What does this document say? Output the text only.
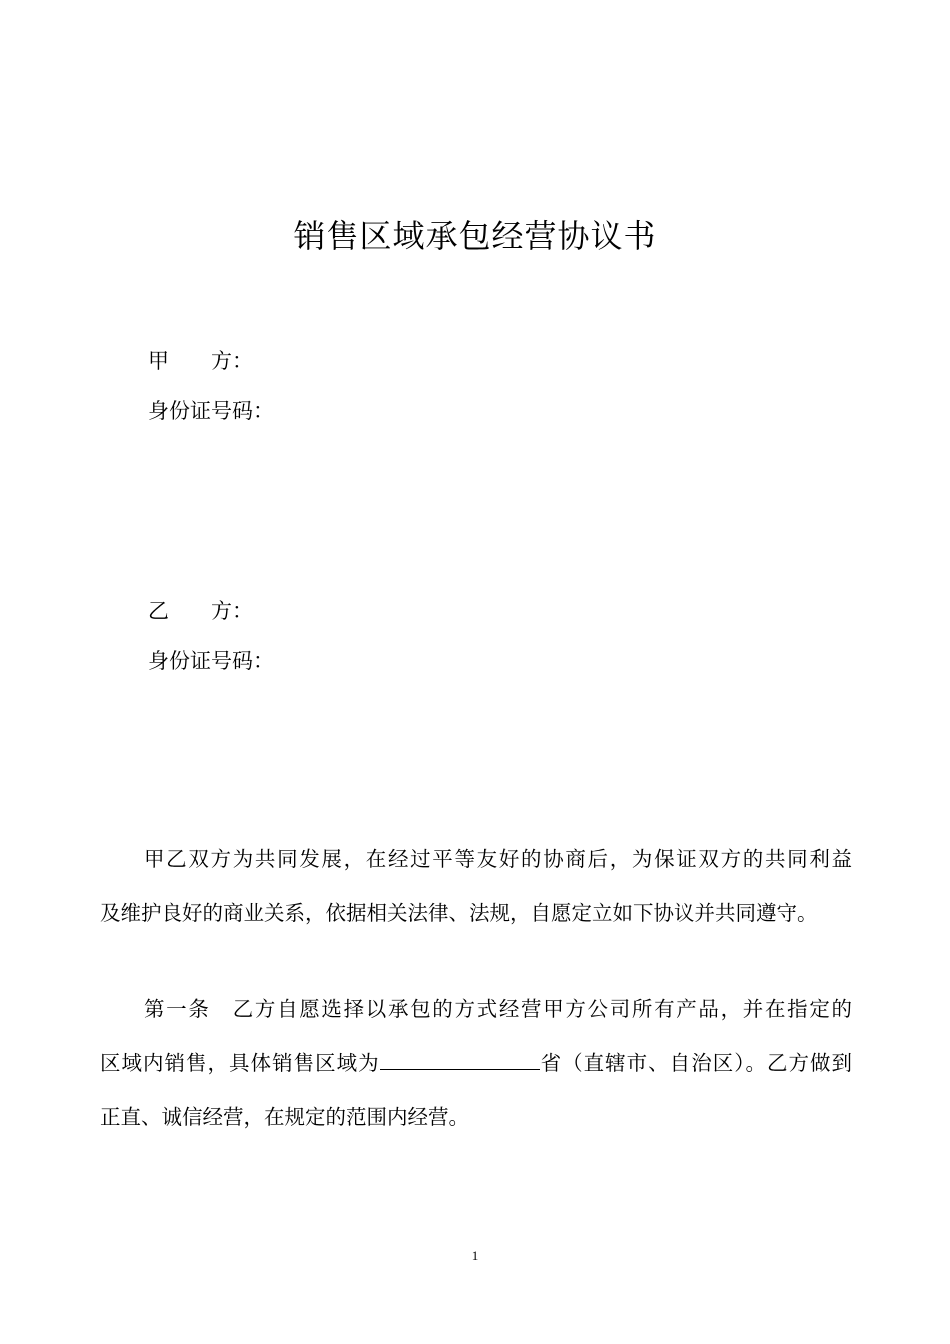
销售区域承包经营协议书
甲　　方：
身份证号码：
乙　　方：
身份证号码：
甲乙双方为共同发展，在经过平等友好的协商后，为保证双方的共同利益
及维护良好的商业关系，依据相关法律、法规，自愿定立如下协议并共同遵守。
第一条　乙方自愿选择以承包的方式经营甲方公司所有产品，并在指定的
区域内销售，具体销售区域为	省（直辖市、自治区）。乙方做到
正直、诚信经营，在规定的范围内经营。
1
